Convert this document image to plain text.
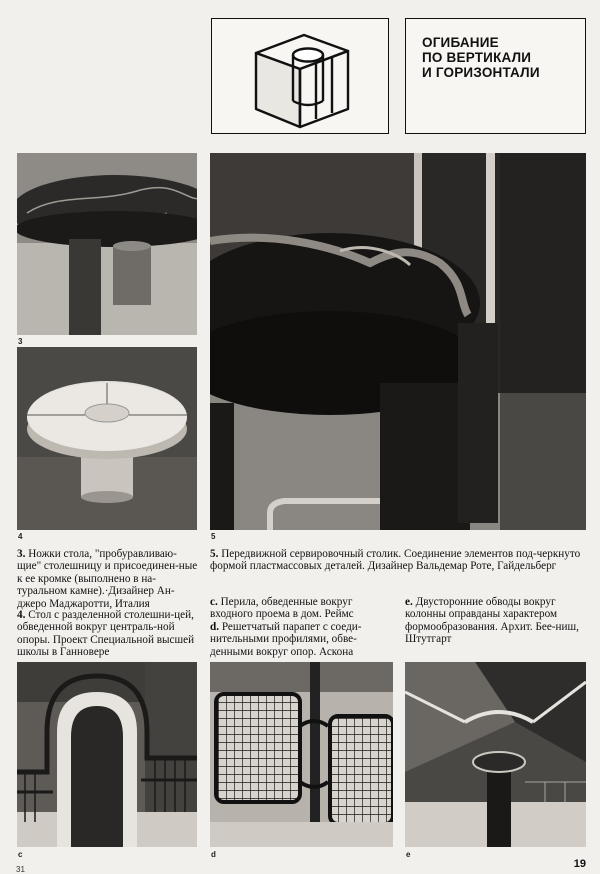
ОГИБАНИЕ
ПО ВЕРТИКАЛИ
И ГОРИЗОНТАЛИ
3
4	5
3. Ножки стола, "пробуравливаю-щие" столешницу и присоединен-ные к ее кромке (выполнено в на-туральном камне).·Дизайнер Ан-джеро Маджаротти, Италия
4. Стол с разделенной столешни-цей, обведенной вокруг централь-ной опоры. Проект Специальной высшей школы в Ганновере
5. Передвижной сервировочный столик. Соединение элементов под-черкнуто формой пластмассовых деталей. Дизайнер Вальдемар Роте, Гайдельберг
c. Перила, обведенные вокруг входного проема в дом. Реймс
d. Решетчатый парапет с соеди-нительными профилями, обве-денными вокруг опор. Аскона
e. Двусторонние обводы вокруг колонны оправданы характером формообразования. Архит. Бее-ниш, Штутгарт
c	d	e
31	19
